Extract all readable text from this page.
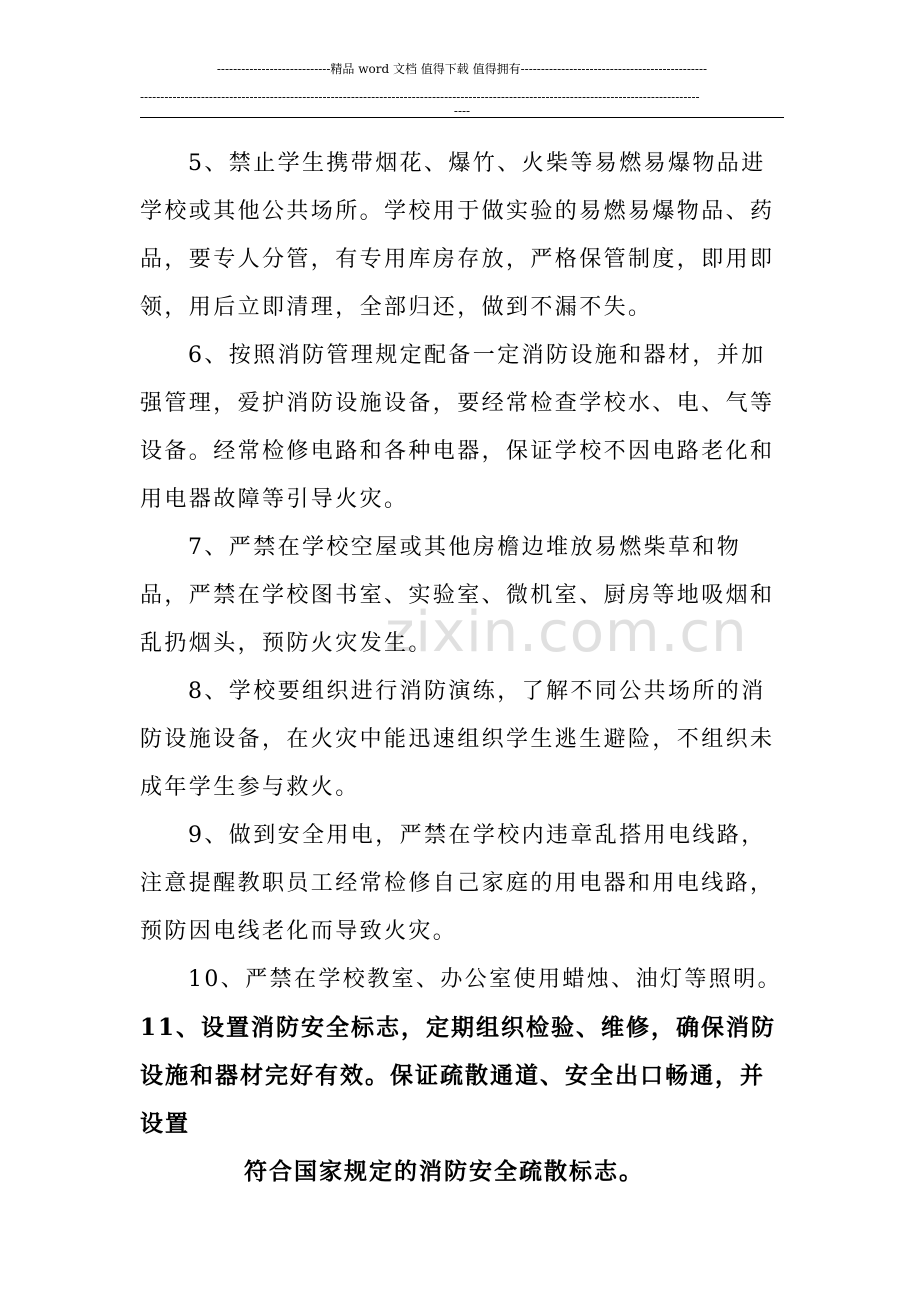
----------------------------精品 word 文档 值得下载 值得拥有----------------------------------------------
------------------------------------------------------------------------------------------------------------------------------------------
----
zixin.com.cn

5、禁止学生携带烟花、爆竹、火柴等易燃易爆物品进学校或其他公共场所。学校用于做实验的易燃易爆物品、药品，要专人分管，有专用库房存放，严格保管制度，即用即领，用后立即清理，全部归还，做到不漏不失。

6、按照消防管理规定配备一定消防设施和器材，并加强管理，爱护消防设施设备，要经常检查学校水、电、气等设备。经常检修电路和各种电器，保证学校不因电路老化和用电器故障等引导火灾。

7、严禁在学校空屋或其他房檐边堆放易燃柴草和物品，严禁在学校图书室、实验室、微机室、厨房等地吸烟和乱扔烟头，预防火灾发生。

8、学校要组织进行消防演练，了解不同公共场所的消防设施设备，在火灾中能迅速组织学生逃生避险，不组织未成年学生参与救火。

9、做到安全用电，严禁在学校内违章乱搭用电线路，注意提醒教职员工经常检修自己家庭的用电器和用电线路，预防因电线老化而导致火灾。

10、严禁在学校教室、办公室使用蜡烛、油灯等照明。

11、设置消防安全标志，定期组织检验、维修，确保消防设施和器材完好有效。保证疏散通道、安全出口畅通，并设置

符合国家规定的消防安全疏散标志。
